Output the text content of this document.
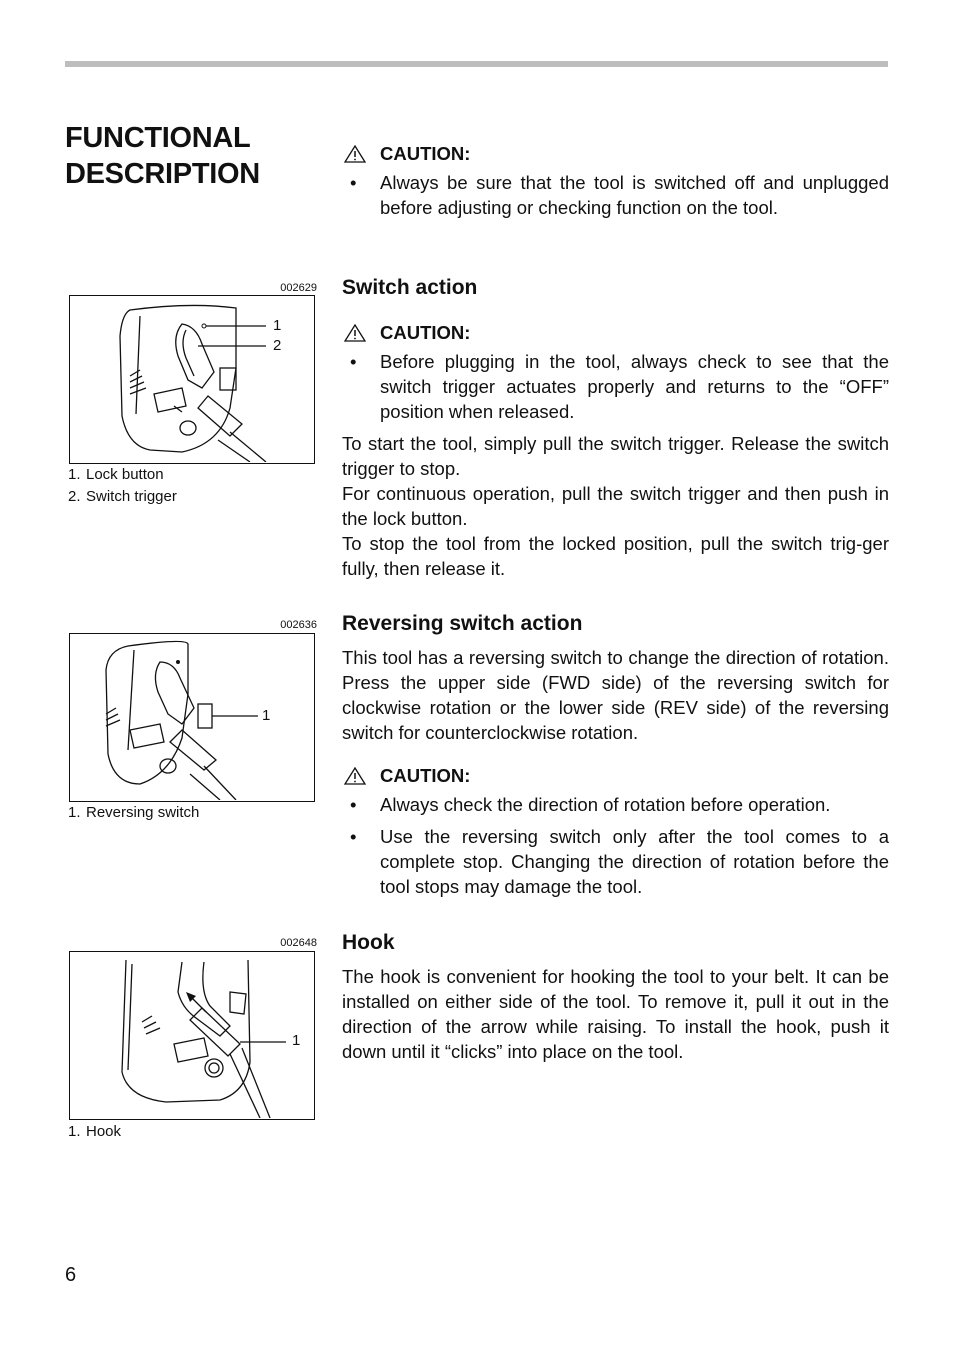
FUNCTIONAL
DESCRIPTION
CAUTION:
•	Always be sure that the tool is switched off and unplugged before adjusting or checking function on the tool.
Switch action
CAUTION:
•	Before plugging in the tool, always check to see that the switch trigger actuates properly and returns to the “OFF” position when released.

To start the tool, simply pull the switch trigger. Release the switch trigger to stop.

For continuous operation, pull the switch trigger and then push in the lock button.

To stop the tool from the locked position, pull the switch trig-ger fully, then release it.

Reversing switch action

This tool has a reversing switch to change the direction of rotation. Press the upper side (FWD side) of the reversing switch for clockwise rotation or the lower side (REV side) of the reversing switch for counterclockwise rotation.

CAUTION:
•	Always check the direction of rotation before operation.
•	Use the reversing switch only after the tool comes to a complete stop. Changing the direction of rotation before the tool stops may damage the tool.
Hook

The hook is convenient for hooking the tool to your belt. It can be installed on either side of the tool. To remove it, pull it out in the direction of the arrow while raising. To install the hook, push it down until it “clicks” into place on the tool.

002629
1
2
1. Lock button
2. Switch trigger
002636
1
1. Reversing switch
002648
1
1. Hook
6
